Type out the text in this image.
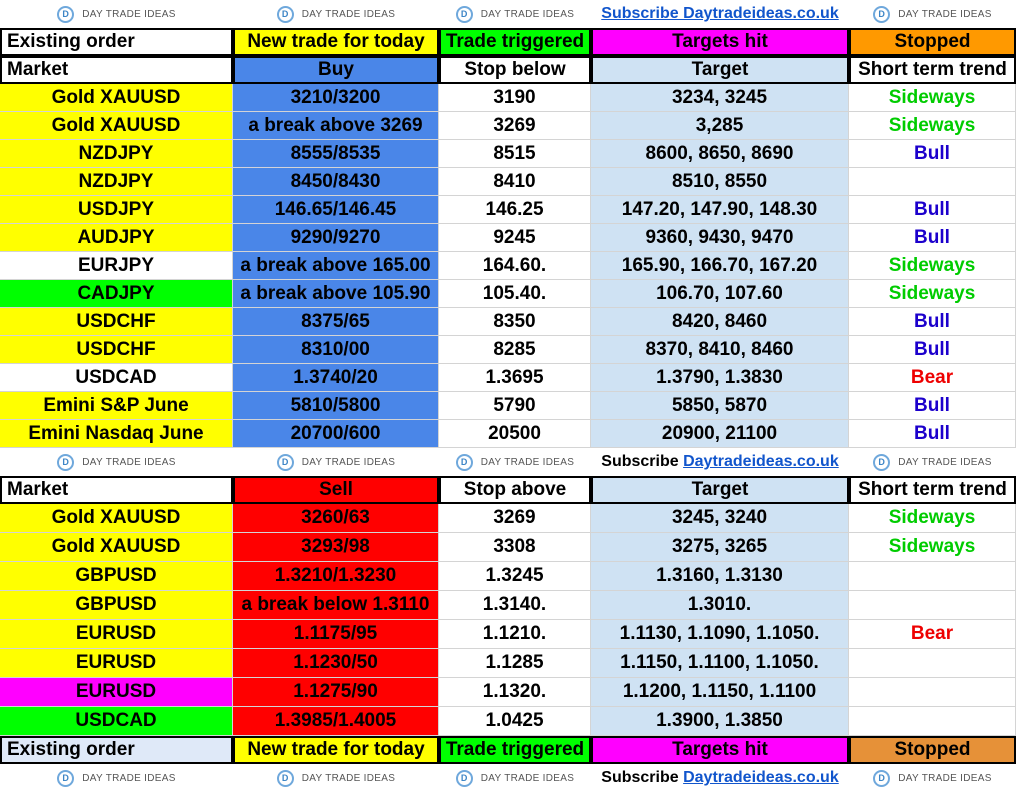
D	DAY TRADE IDEAS	D	DAY TRADE IDEAS	D	DAY TRADE IDEAS Subscribe Daytradeideas.co.uk	D	DAY TRADE IDEAS
Existing order	New trade for today	Trade triggered	Targets hit	Stopped
Market	Buy	Stop below	Target	Short term trend
Gold XAUUSD	3210/3200	3190	3234, 3245	Sideways
Gold XAUUSD	a break above 3269	3269	3,285	Sideways
NZDJPY	8555/8535	8515	8600, 8650, 8690	Bull
NZDJPY	8450/8430	8410	8510, 8550
USDJPY	146.65/146.45	146.25	147.20, 147.90, 148.30	Bull
AUDJPY	9290/9270	9245	9360, 9430, 9470	Bull
EURJPY	a break above 165.00	164.60.	165.90, 166.70, 167.20	Sideways
CADJPY	a break above 105.90	105.40.	106.70, 107.60	Sideways
USDCHF	8375/65	8350	8420, 8460	Bull
USDCHF	8310/00	8285	8370, 8410, 8460	Bull
USDCAD	1.3740/20	1.3695	1.3790, 1.3830	Bear
Emini S&P June	5810/5800	5790	5850, 5870	Bull
Emini Nasdaq June	20700/600	20500	20900, 21100	Bull
D	DAY TRADE IDEAS	D	DAY TRADE IDEAS	D	DAY TRADE IDEAS Subscribe
Daytradeideas.co.uk	D	DAY TRADE IDEAS
Market	Sell	Stop above	Target	Short term trend
Gold XAUUSD	3260/63	3269	3245, 3240	Sideways
Gold XAUUSD	3293/98	3308	3275, 3265	Sideways
GBPUSD	1.3210/1.3230	1.3245	1.3160, 1.3130
GBPUSD	a break below 1.3110	1.3140.	1.3010.
EURUSD	1.1175/95	1.1210.	1.1130, 1.1090, 1.1050.	Bear
EURUSD	1.1230/50	1.1285	1.1150, 1.1100, 1.1050.
EURUSD	1.1275/90	1.1320.	1.1200, 1.1150, 1.1100
USDCAD	1.3985/1.4005	1.0425	1.3900, 1.3850
Existing order	New trade for today	Trade triggered	Targets hit	Stopped
D	DAY TRADE IDEAS	D	DAY TRADE IDEAS	D	DAY TRADE IDEAS Subscribe
Daytradeideas.co.uk	D	DAY TRADE IDEAS
